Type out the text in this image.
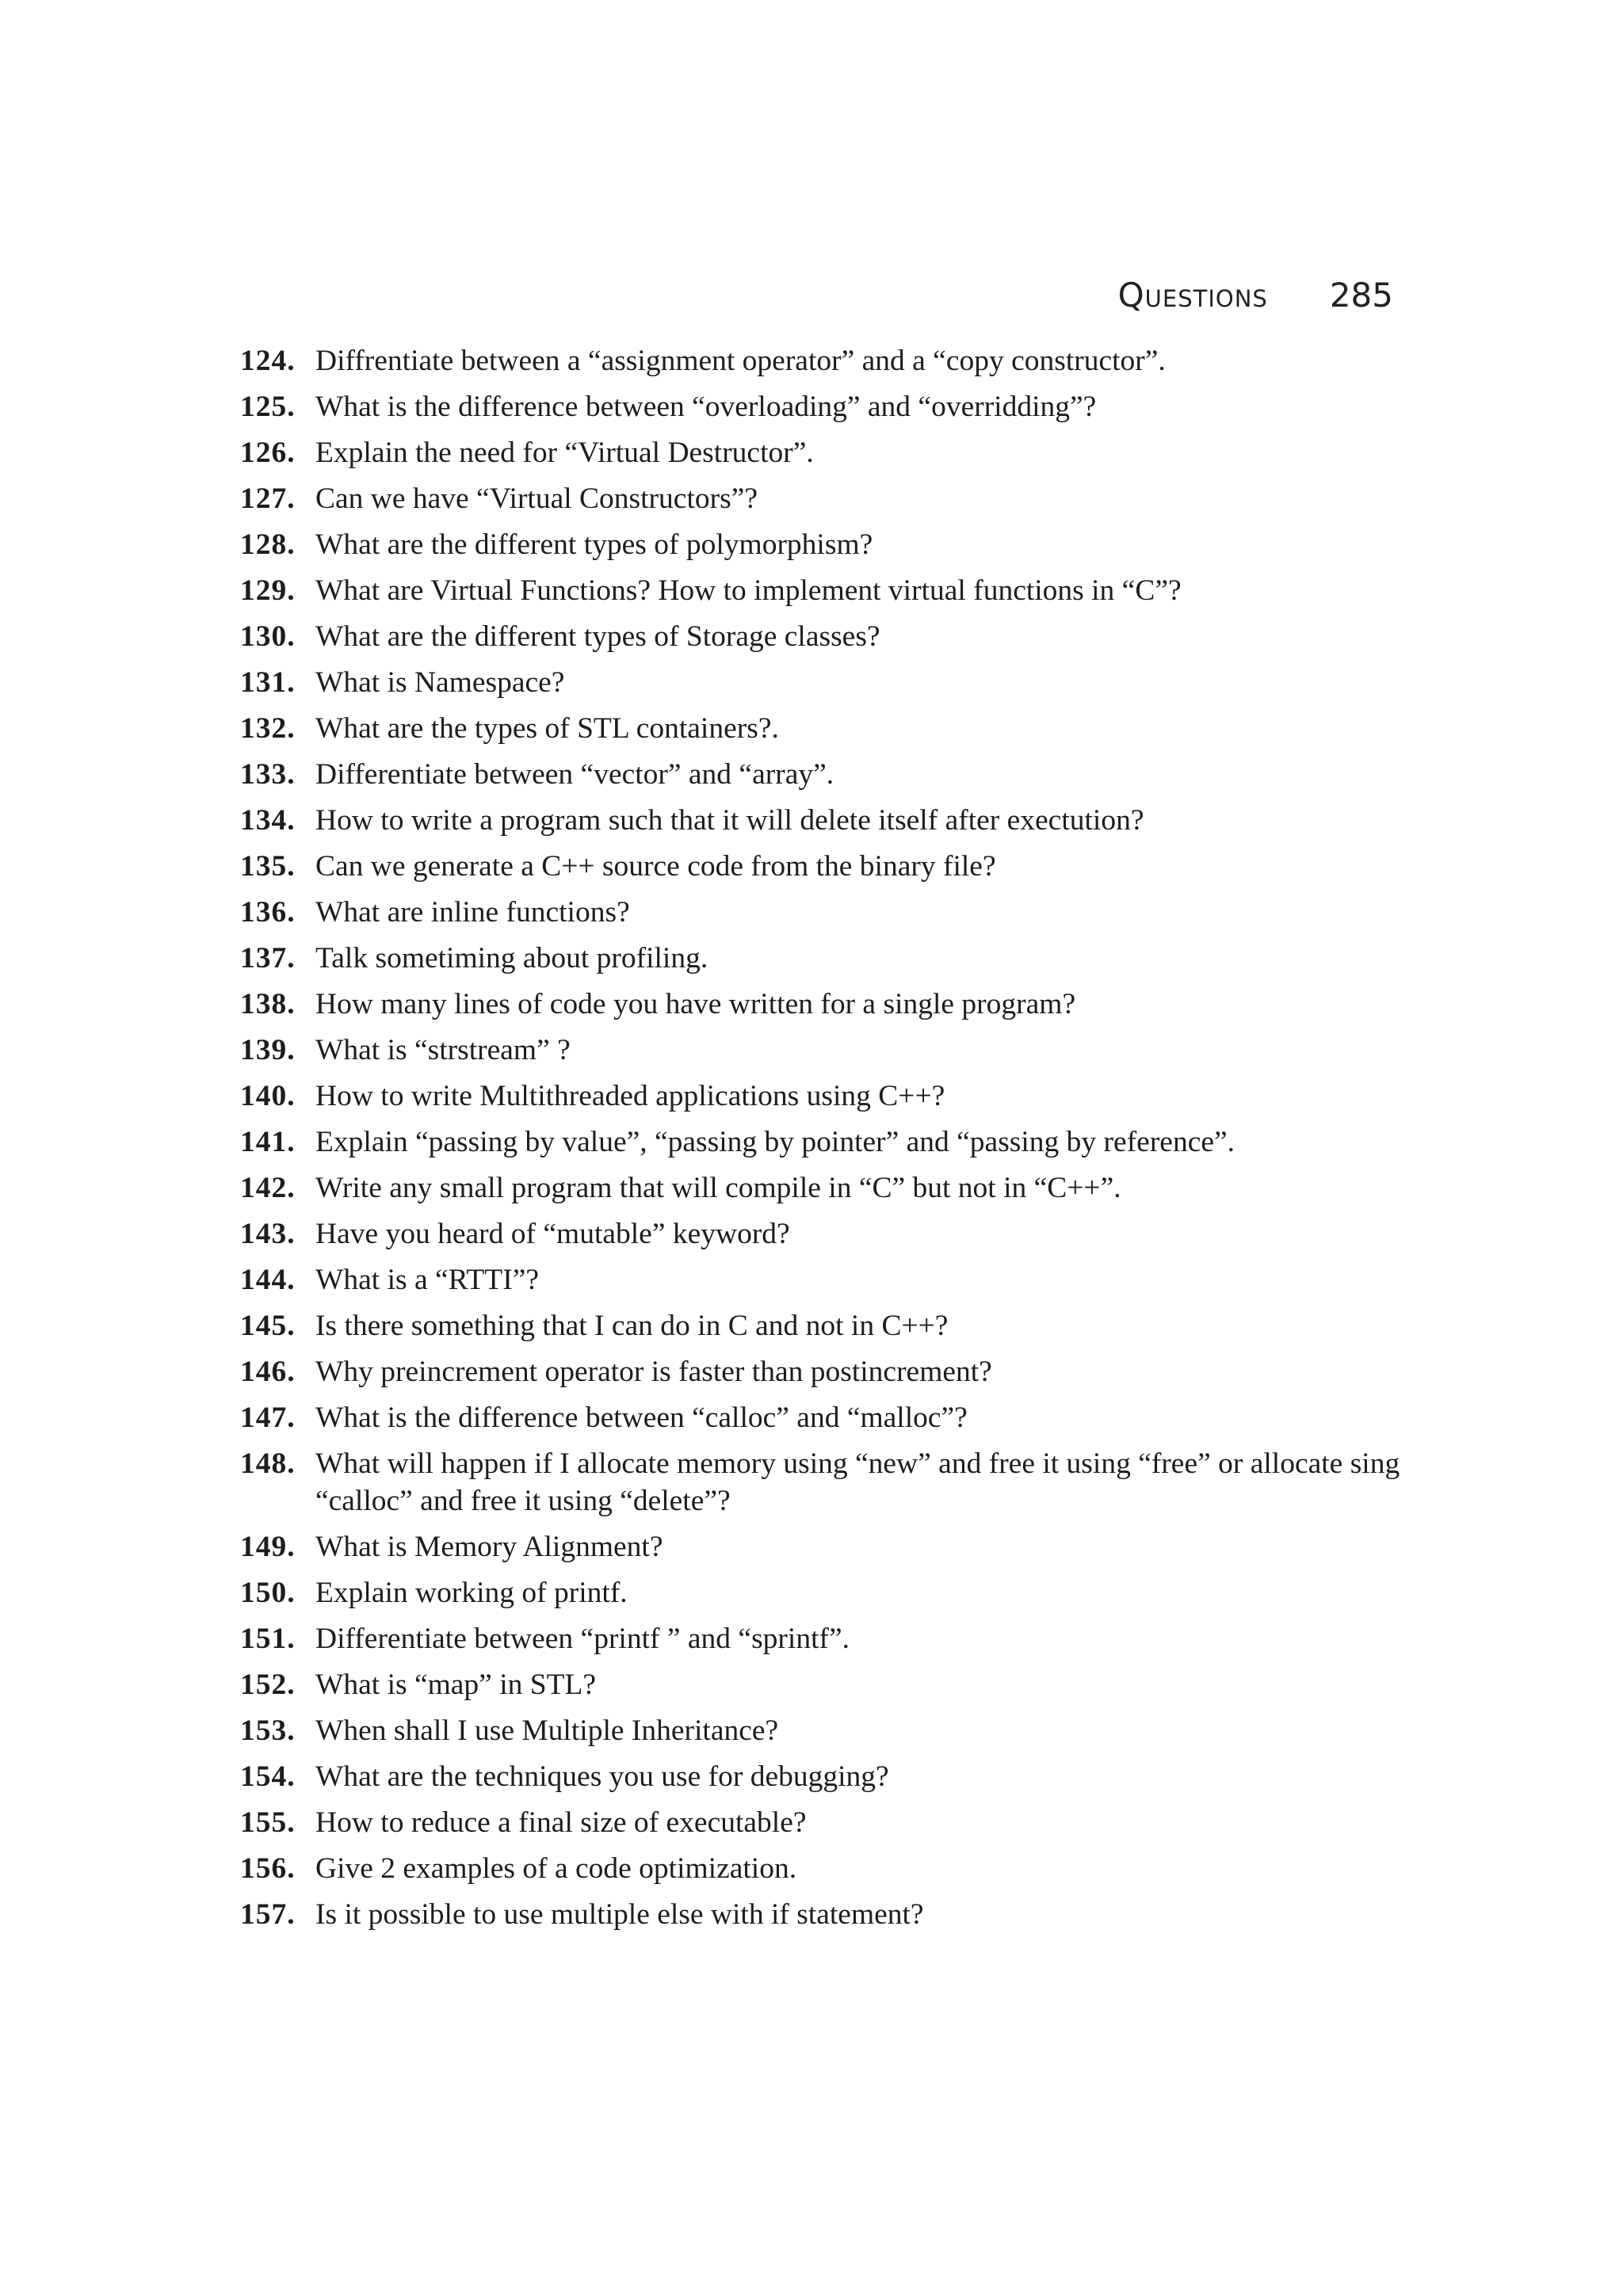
Questions 285
124. Diffrentiate between a “assignment operator” and a “copy constructor”.
125. What is the difference between “overloading” and “overridding”?
126. Explain the need for “Virtual Destructor”.
127. Can we have “Virtual Constructors”?
128. What are the different types of polymorphism?
129. What are Virtual Functions? How to implement virtual functions in “C”?
130. What are the different types of Storage classes?
131. What is Namespace?
132. What are the types of STL containers?.
133. Differentiate between “vector” and “array”.
134. How to write a program such that it will delete itself after exectution?
135. Can we generate a C++ source code from the binary file?
136. What are inline functions?
137. Talk sometiming about profiling.
138. How many lines of code you have written for a single program?
139. What is “strstream” ?
140. How to write Multithreaded applications using C++?
141. Explain “passing by value”, “passing by pointer” and “passing by reference”.
142. Write any small program that will compile in “C” but not in “C++”.
143. Have you heard of “mutable” keyword?
144. What is a “RTTI”?
145. Is there something that I can do in C and not in C++?
146. Why preincrement operator is faster than postincrement?
147. What is the difference between “calloc” and “malloc”?
148. What will happen if I allocate memory using “new” and free it using “free” or allocate sing “calloc” and free it using “delete”?
149. What is Memory Alignment?
150. Explain working of printf.
151. Differentiate between “printf ” and “sprintf”.
152. What is “map” in STL?
153. When shall I use Multiple Inheritance?
154. What are the techniques you use for debugging?
155. How to reduce a final size of executable?
156. Give 2 examples of a code optimization.
157. Is it possible to use multiple else with if statement?
